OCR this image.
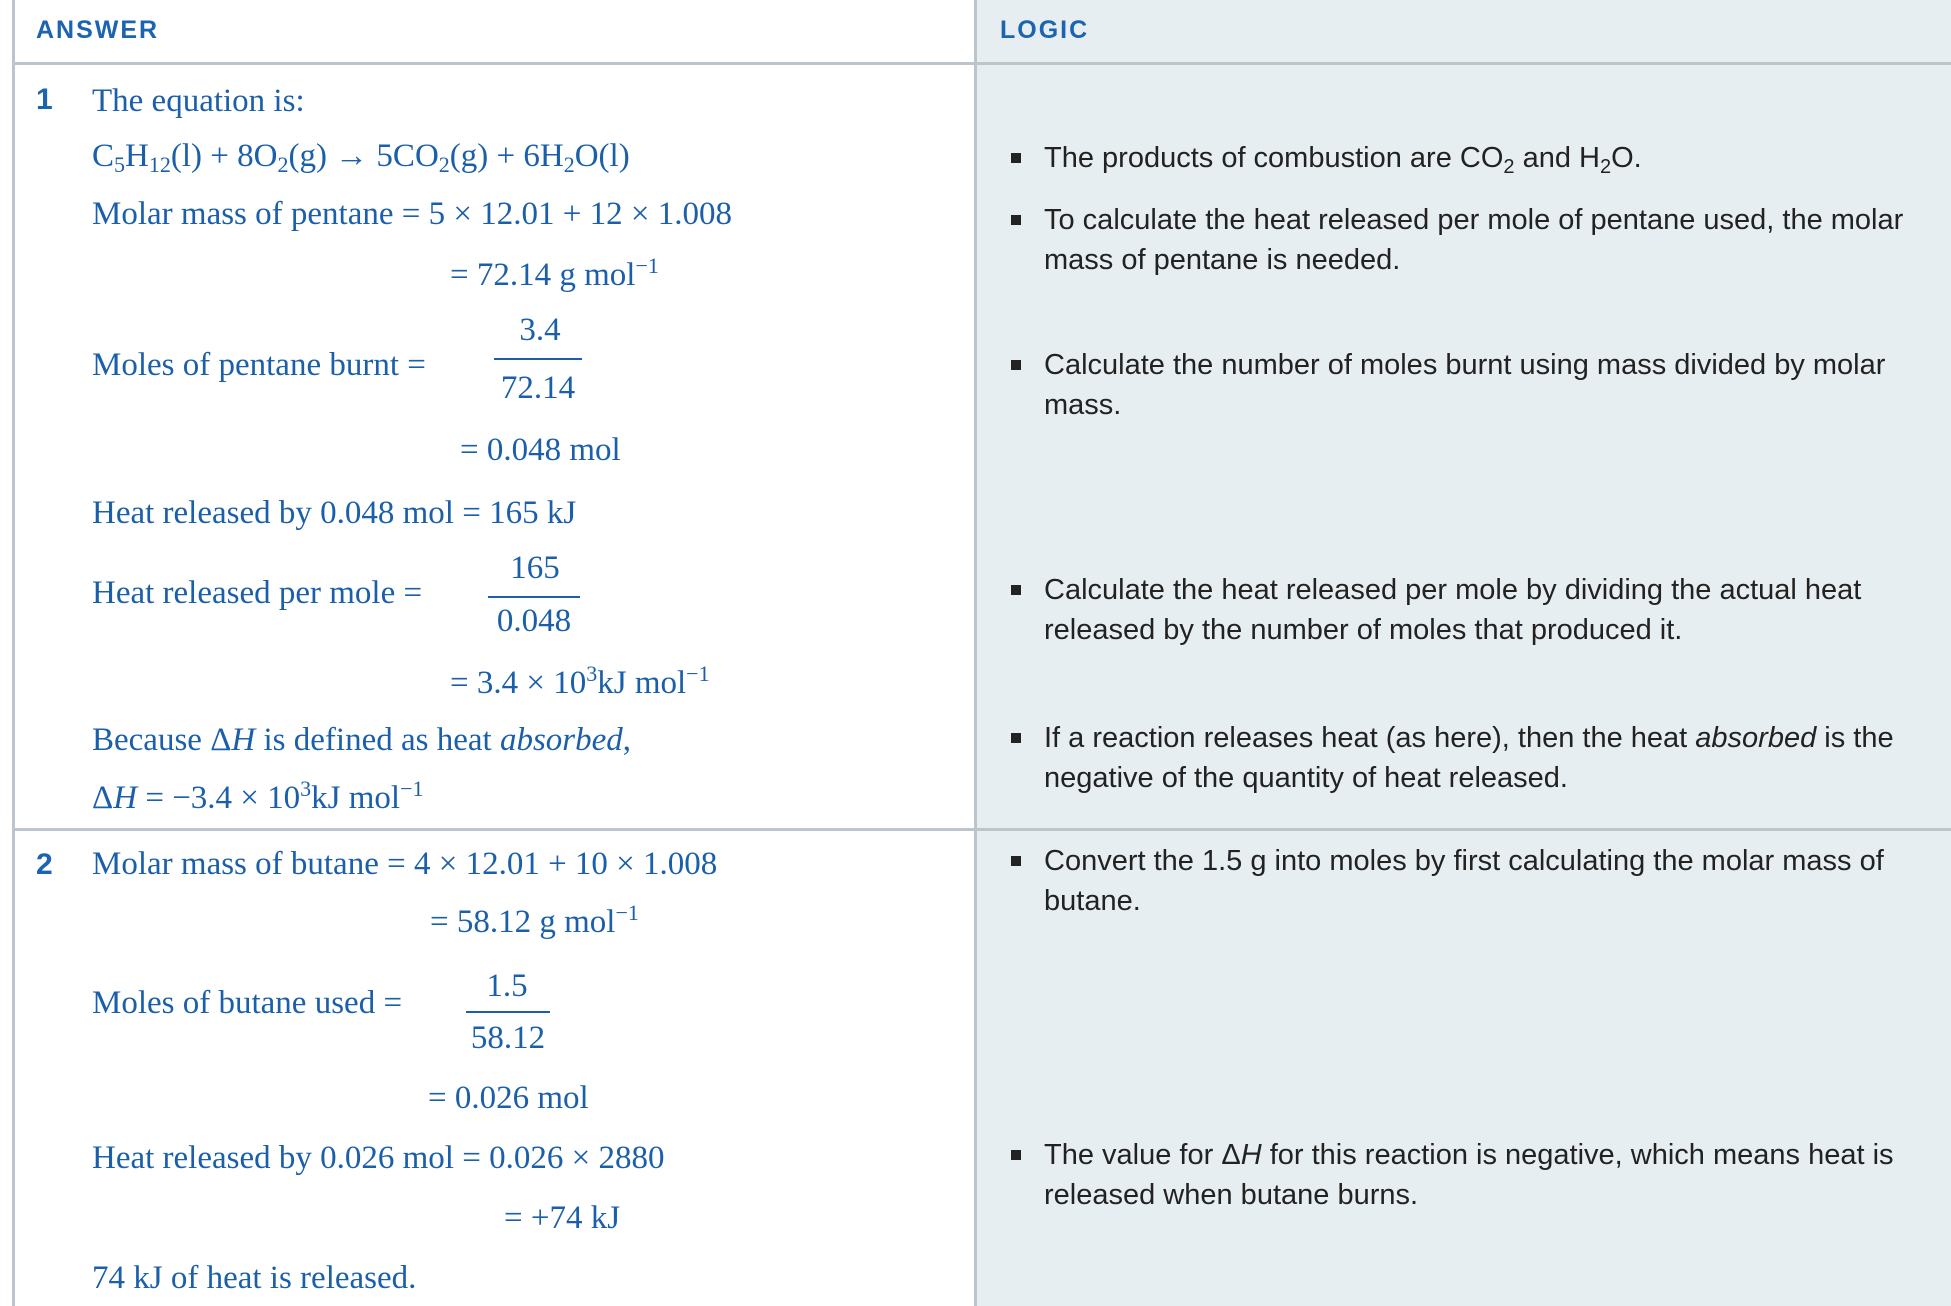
ANSWER	LOGIC
1 The equation is:
$C_5H_{12}(l) + 8O_2(g) \to 5CO_2(g) + 6H_2O(l)$
Molar mass of pentane = 5 × 12.01 + 12 × 1.008
= 72.14 g mol$^{-1}$
Moles of pentane burnt =
3.4
72.14
= 0.048 mol
Heat released by 0.048 mol = 165 kJ
Heat released per mole =
165
0.048
= $3.4 \times 10^3kJ$ mol$^{-1}$
Because ΔH is defined as heat absorbed,
$\Delta H = -3.4 \times 10^3kJ$ mol$^{-1}$
2 Molar mass of butane = 4 × 12.01 + 10 × 1.008
= 58.12 g mol$^{-1}$
Moles of butane used =	1.5
58.12
= 0.026 mol
Heat released by 0.026 mol = 0.026 × 2880
= +74 kJ
74 kJ of heat is released.
The products of combustion are $CO_2$ and $H_2O$.
To calculate the heat released per mole of pentane used, the molar mass of pentane is needed.
Calculate the number of moles burnt using mass divided by molar mass.
Calculate the heat released per mole by dividing the actual heat released by the number of moles that produced it.
If a reaction releases heat (as here), then the heat absorbed is the negative of the quantity of heat released.
Convert the 1.5 g into moles by first calculating the molar mass of butane.
The value for ΔH for this reaction is negative, which means heat is released when butane burns.
